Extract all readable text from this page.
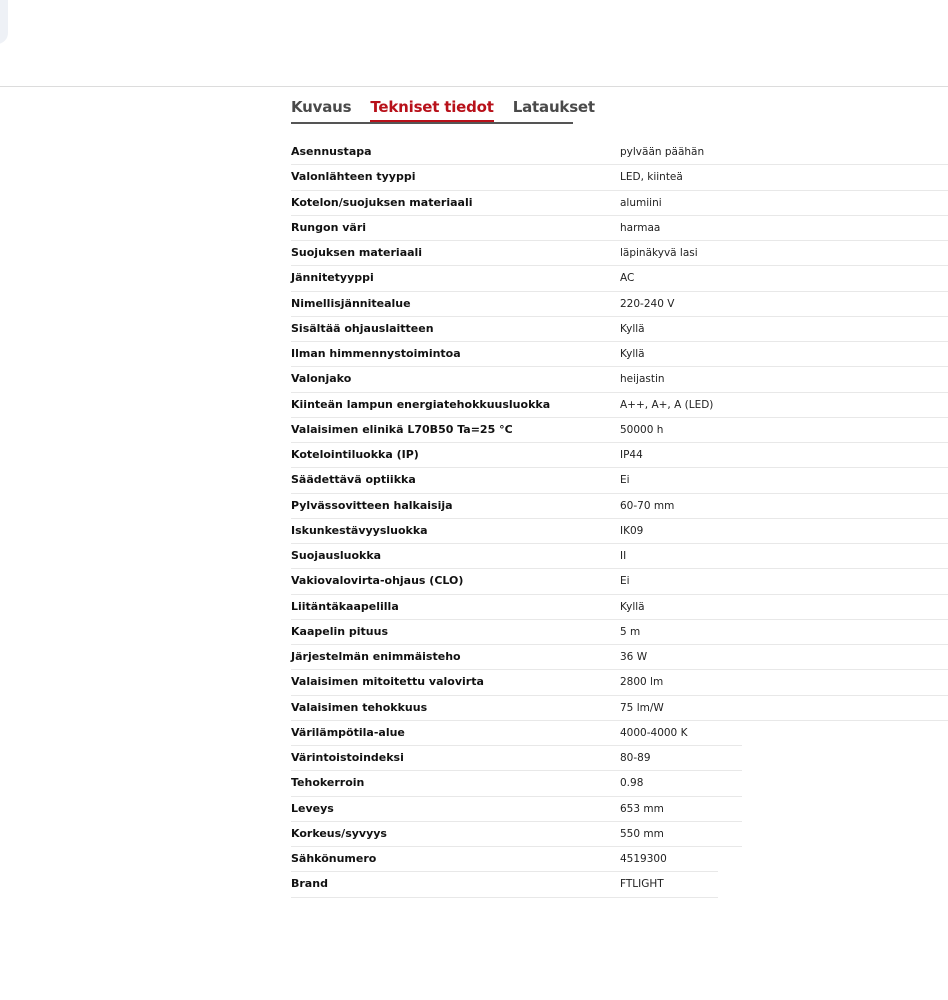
Kuvaus Tekniset tiedot Lataukset
Asennustapa	pylvään päähän
Valonlähteen tyyppi	LED, kiinteä
Kotelon/suojuksen materiaali	alumiini
Rungon väri	harmaa
Suojuksen materiaali	läpinäkyvä lasi
Jännitetyyppi	AC
Nimellisjännitealue	220-240 V
Sisältää ohjauslaitteen	Kyllä
Ilman himmennystoimintoa	Kyllä
Valonjako	heijastin
Kiinteän lampun energiatehokkuusluokka	A++, A+, A (LED)
Valaisimen elinikä L70B50 Ta=25 °C	50000 h
Kotelointiluokka (IP)	IP44
Säädettävä optiikka	Ei
Pylvässovitteen halkaisija	60-70 mm
Iskunkestävyysluokka	IK09
Suojausluokka	II
Vakiovalovirta-ohjaus (CLO)	Ei
Liitäntäkaapelilla	Kyllä
Kaapelin pituus	5 m
Järjestelmän enimmäisteho	36 W
Valaisimen mitoitettu valovirta	2800 lm
Valaisimen tehokkuus	75 lm/W
Värilämpötila-alue	4000-4000 K
Värintoistoindeksi	80-89
Tehokerroin	0.98
Leveys	653 mm
Korkeus/syvyys	550 mm
Sähkönumero	4519300
Brand	FTLIGHT
